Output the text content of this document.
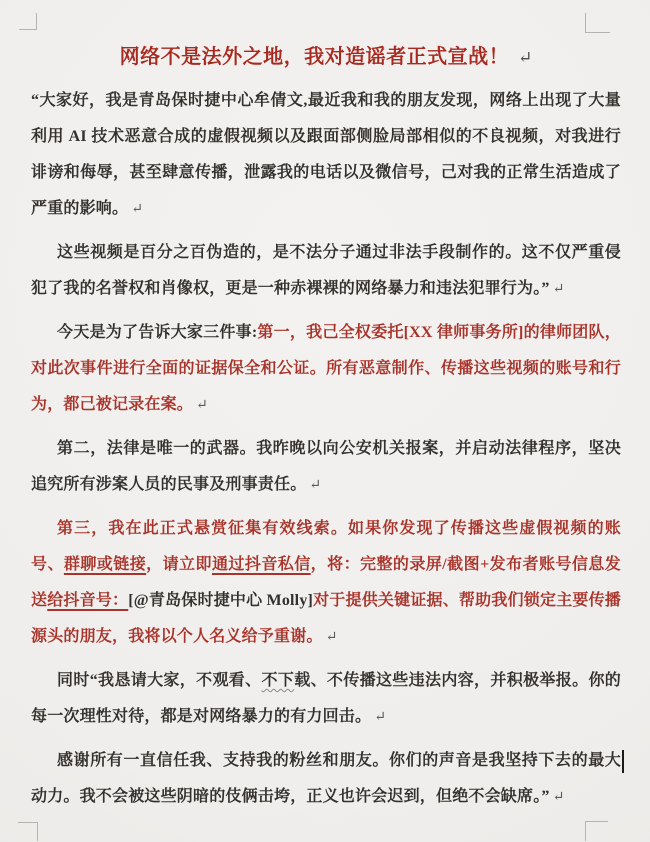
网络不是法外之地，我对造谣者正式宣战！ ↵

“大家好，我是青岛保时捷中心牟倩文,最近我和我的朋友发现，网络上出现了大量利用 AI 技术恶意合成的虚假视频以及跟面部侧脸局部相似的不良视频，对我进行诽谤和侮辱，甚至肆意传播，泄露我的电话以及微信号，己对我的正常生活造成了严重的影响。 ↵

这些视频是百分之百伪造的，是不法分子通过非法手段制作的。这不仅严重侵犯了我的名誉权和肖像权，更是一种赤裸裸的网络暴力和违法犯罪行为。” ↵

今天是为了告诉大家三件事:第一，我己全权委托[XX 律师事务所]的律师团队，对此次事件进行全面的证据保全和公证。所有恶意制作、传播这些视频的账号和行为，都己被记录在案。 ↵

第二，法律是唯一的武器。我昨晚以向公安机关报案，并启动法律程序，坚决追究所有涉案人员的民事及刑事责任。 ↵

第三，我在此正式悬赏征集有效线索。如果你发现了传播这些虚假视频的账号、群聊或链接，请立即通过抖音私信，将：完整的录屏/截图+发布者账号信息发送给抖音号：[@青岛保时捷中心 Molly]对于提供关键证据、帮助我们锁定主要传播源头的朋友，我将以个人名义给予重谢。 ↵

同时“我恳请大家，不观看、不下载、不传播这些违法内容，并积极举报。你的每一次理性对待，都是对网络暴力的有力回击。 ↵

感谢所有一直信任我、支持我的粉丝和朋友。你们的声音是我坚持下去的最大动力。我不会被这些阴暗的伎俩击垮，正义也许会迟到，但绝不会缺席。” ↵
